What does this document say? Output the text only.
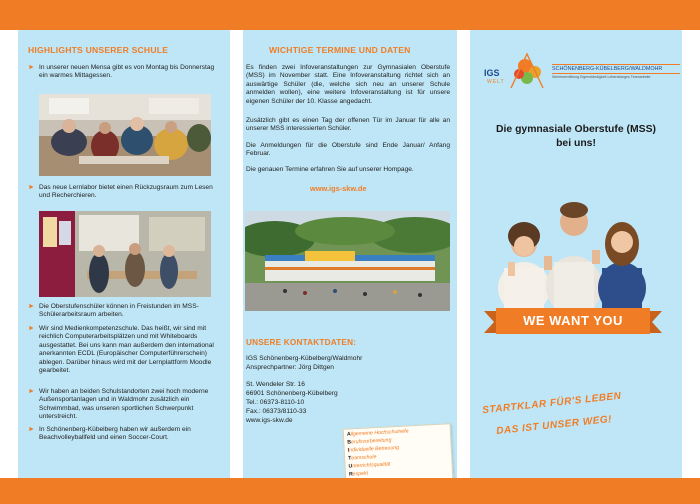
HIGHLIGHTS UNSERER SCHULE
► In unserer neuen Mensa gibt es von Montag bis Donnerstag ein warmes Mittagessen.
► Das neue Lernlabor bietet einen Rückzugsraum zum Lesen und Recherchieren.
► Die Oberstufenschüler können in Freistunden im MSS-Schülerarbeitsraum arbeiten.
► Wir sind Medienkompetenzschule. Das heißt, wir sind mit reichlich Computerarbeitsplätzen und mit Whiteboards ausgestattet. Bei uns kann man außerdem den international anerkannten ECDL (Europäischer Computerführerschein) ablegen. Darüber hinaus wird mit der Lernplattform Moodle gearbeitet.
► Wir haben an beiden Schulstandorten zwei hoch moderne Außensportanlagen und in Waldmohr zusätzlich ein Schwimmbad, was unseren sportlichen Schwerpunkt unterstreicht.
► In Schönenberg-Kübelberg haben wir außerdem ein Beachvolleyballfeld und einen Soccer-Court.
WICHTIGE TERMINE UND DATEN
Es finden zwei Infoveranstaltungen zur Gymnasialen Oberstufe (MSS) im November statt. Eine Infoveranstaltung richtet sich an auswärtige Schüler (die, welche sich neu an unserer Schule anmelden wollen), eine weitere Infoveranstaltung ist für unsere eigenen Schüler der 10. Klasse angedacht.
Zusätzlich gibt es einen Tag der offenen Tür im Januar für alle an unserer MSS interessierten Schüler.
Die Anmeldungen für die Oberstufe sind Ende Januar/ Anfang Februar.
Die genauen Termine erfahren Sie auf unserer Hompage.
www.igs-skw.de
UNSERE KONTAKTDATEN:
IGS Schönenberg-Kübelberg/Waldmohr
Ansprechpartner: Jörg Dittgen
St. Wendeler Str. 16
66901 Schönenberg-Kübelberg
Tel.: 06373-8110-10
Fax.: 06373/8110-33
www.igs-skw.de
Allgemeine Hochschulreife
Berufsvorbereitung
Individuelle Betreuung
Teamschule
Unterrichtsqualität
Respekt
IGS
WELT
SCHÖNENBERG-KÜBELBERG/WALDMOHR
Wertevermittlung Eigenständigkeit Lebenslanges Teamarbeite
Die gymnasiale Oberstufe (MSS)
bei uns!
WE WANT YOU
STARTKLAR FÜR'S LEBEN
DAS IST UNSER WEG!
